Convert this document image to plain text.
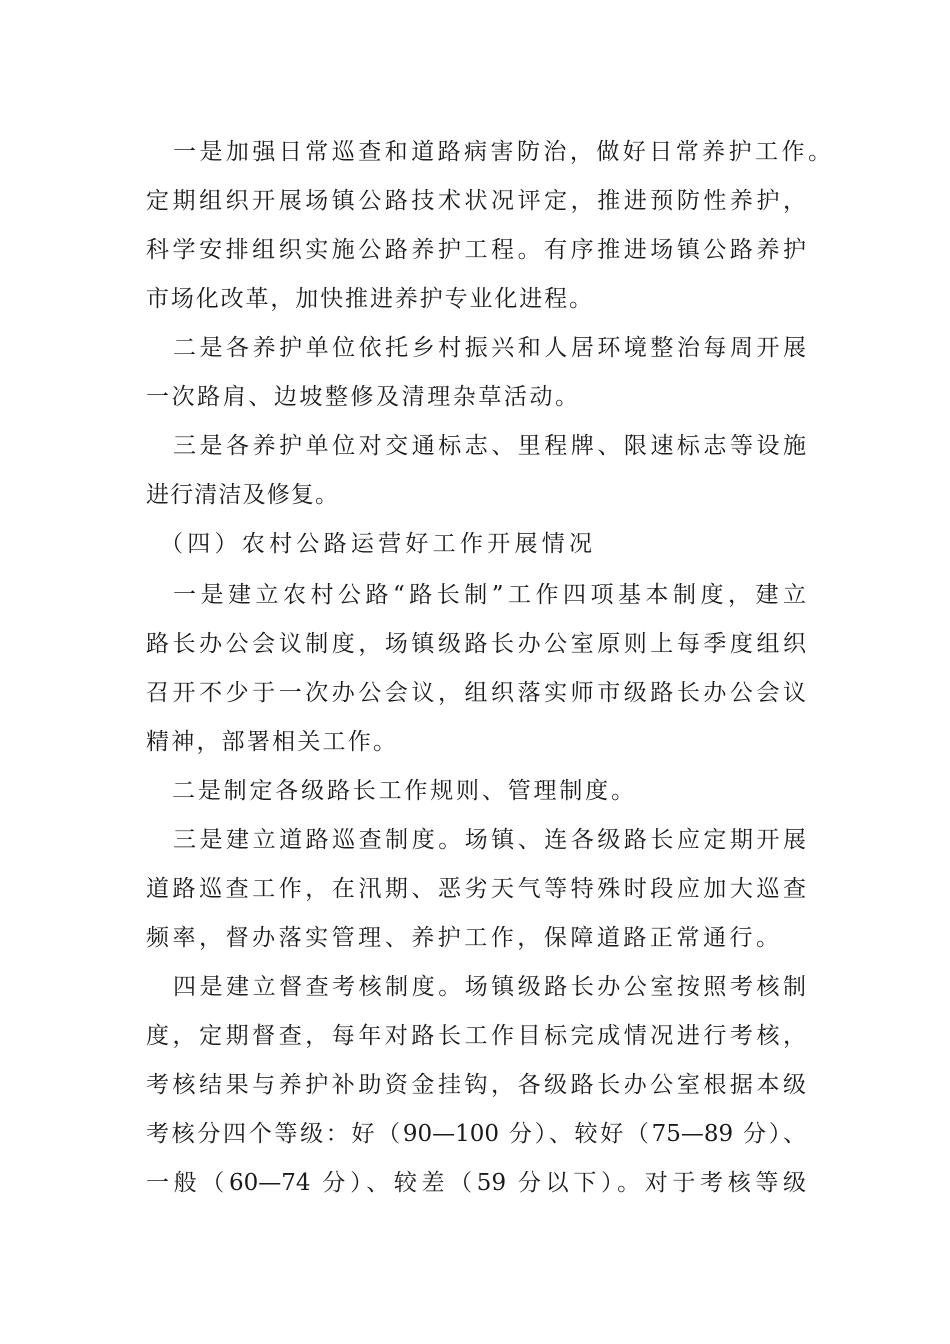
一是加强日常巡查和道路病害防治，做好日常养护工作。
定期组织开展场镇公路技术状况评定，推进预防性养护，
科学安排组织实施公路养护工程。有序推进场镇公路养护
市场化改革，加快推进养护专业化进程。
二是各养护单位依托乡村振兴和人居环境整治每周开展
一次路肩、边坡整修及清理杂草活动。
三是各养护单位对交通标志、里程牌、限速标志等设施
进行清洁及修复。
（四）农村公路运营好工作开展情况
一是建立农村公路“路长制”工作四项基本制度，建立
路长办公会议制度，场镇级路长办公室原则上每季度组织
召开不少于一次办公会议，组织落实师市级路长办公会议
精神，部署相关工作。
二是制定各级路长工作规则、管理制度。
三是建立道路巡查制度。场镇、连各级路长应定期开展
道路巡查工作，在汛期、恶劣天气等特殊时段应加大巡查
频率，督办落实管理、养护工作，保障道路正常通行。
四是建立督查考核制度。场镇级路长办公室按照考核制
度，定期督查，每年对路长工作目标完成情况进行考核，
考核结果与养护补助资金挂钩，各级路长办公室根据本级
考核分四个等级：好（90—100 分）、较好（75—89 分）、
一般（60—74 分）、较差（59 分以下）。对于考核等级
